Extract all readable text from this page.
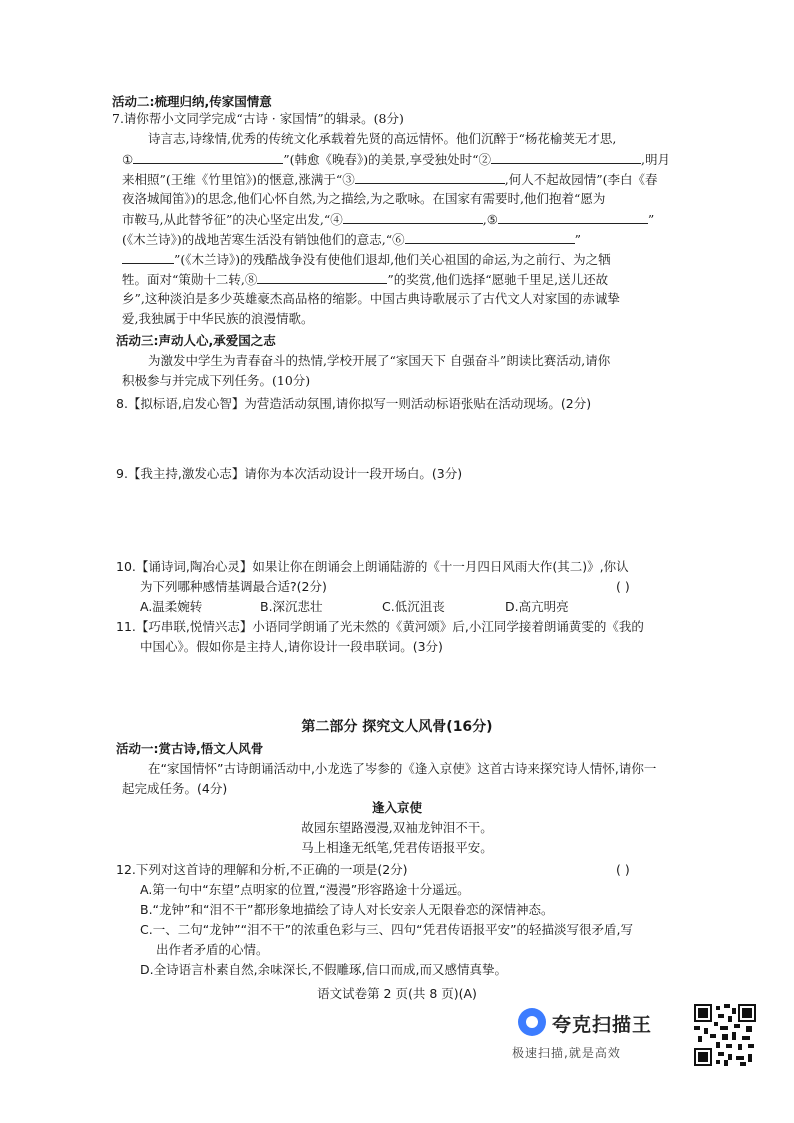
活动二:梳理归纳,传家国情意
7.请你帮小文同学完成“古诗 · 家国情”的辑录。(8分)
诗言志,诗缘情,优秀的传统文化承载着先贤的高远情怀。他们沉醉于“杨花榆荚无才思,
①	”(韩愈《晚春》)的美景,享受独处时“②	,明月
来相照”(王维《竹里馆》)的惬意,涨满于“③	,何人不起故园情”(李白《春
夜洛城闻笛》)的思念,他们心怀自然,为之描绘,为之歌咏。在国家有需要时,他们抱着“愿为
市鞍马,从此替爷征”的决心坚定出发,“④	,⑤	”
(《木兰诗》)的战地苦寒生活没有销蚀他们的意志,“⑥	”
”(《木兰诗》)的残酷战争没有使他们退却,他们关心祖国的命运,为之前行、为之牺
牲。面对“策勋十二转,⑧	”的奖赏,他们选择“愿驰千里足,送儿还故
乡”,这种淡泊是多少英雄豪杰高品格的缩影。中国古典诗歌展示了古代文人对家国的赤诚挚
爱,我独属于中华民族的浪漫情歌。
活动三:声动人心,承爱国之志
为激发中学生为青春奋斗的热情,学校开展了“家国天下 自强奋斗”朗读比赛活动,请你
积极参与并完成下列任务。(10分)
8.【拟标语,启发心智】为营造活动氛围,请你拟写一则活动标语张贴在活动现场。(2分)
9.【我主持,激发心志】请你为本次活动设计一段开场白。(3分)
10.【诵诗词,陶冶心灵】如果让你在朗诵会上朗诵陆游的《十一月四日风雨大作(其二)》,你认
为下列哪种感情基调最合适?(2分)	( )
A.温柔婉转	B.深沉悲壮	C.低沉沮丧	D.高亢明亮
11.【巧串联,悦情兴志】小语同学朗诵了光未然的《黄河颂》后,小江同学接着朗诵黄雯的《我的
中国心》。假如你是主持人,请你设计一段串联词。(3分)
第二部分 探究文人风骨(16分)
活动一:赏古诗,悟文人风骨
在“家国情怀”古诗朗诵活动中,小龙选了岑参的《逢入京使》这首古诗来探究诗人情怀,请你一
起完成任务。(4分)
逢入京使
故园东望路漫漫,双袖龙钟泪不干。
马上相逢无纸笔,凭君传语报平安。
12.下列对这首诗的理解和分析,不正确的一项是(2分)	( )
A.第一句中“东望”点明家的位置,“漫漫”形容路途十分遥远。
B.“龙钟”和“泪不干”都形象地描绘了诗人对长安亲人无限眷恋的深情神态。
C.一、二句“龙钟”“泪不干”的浓重色彩与三、四句“凭君传语报平安”的轻描淡写很矛盾,写
出作者矛盾的心情。
D.全诗语言朴素自然,余味深长,不假雕琢,信口而成,而又感情真挚。
语文试卷第 2 页(共 8 页)(A)
夸克扫描王
极速扫描,就是高效
